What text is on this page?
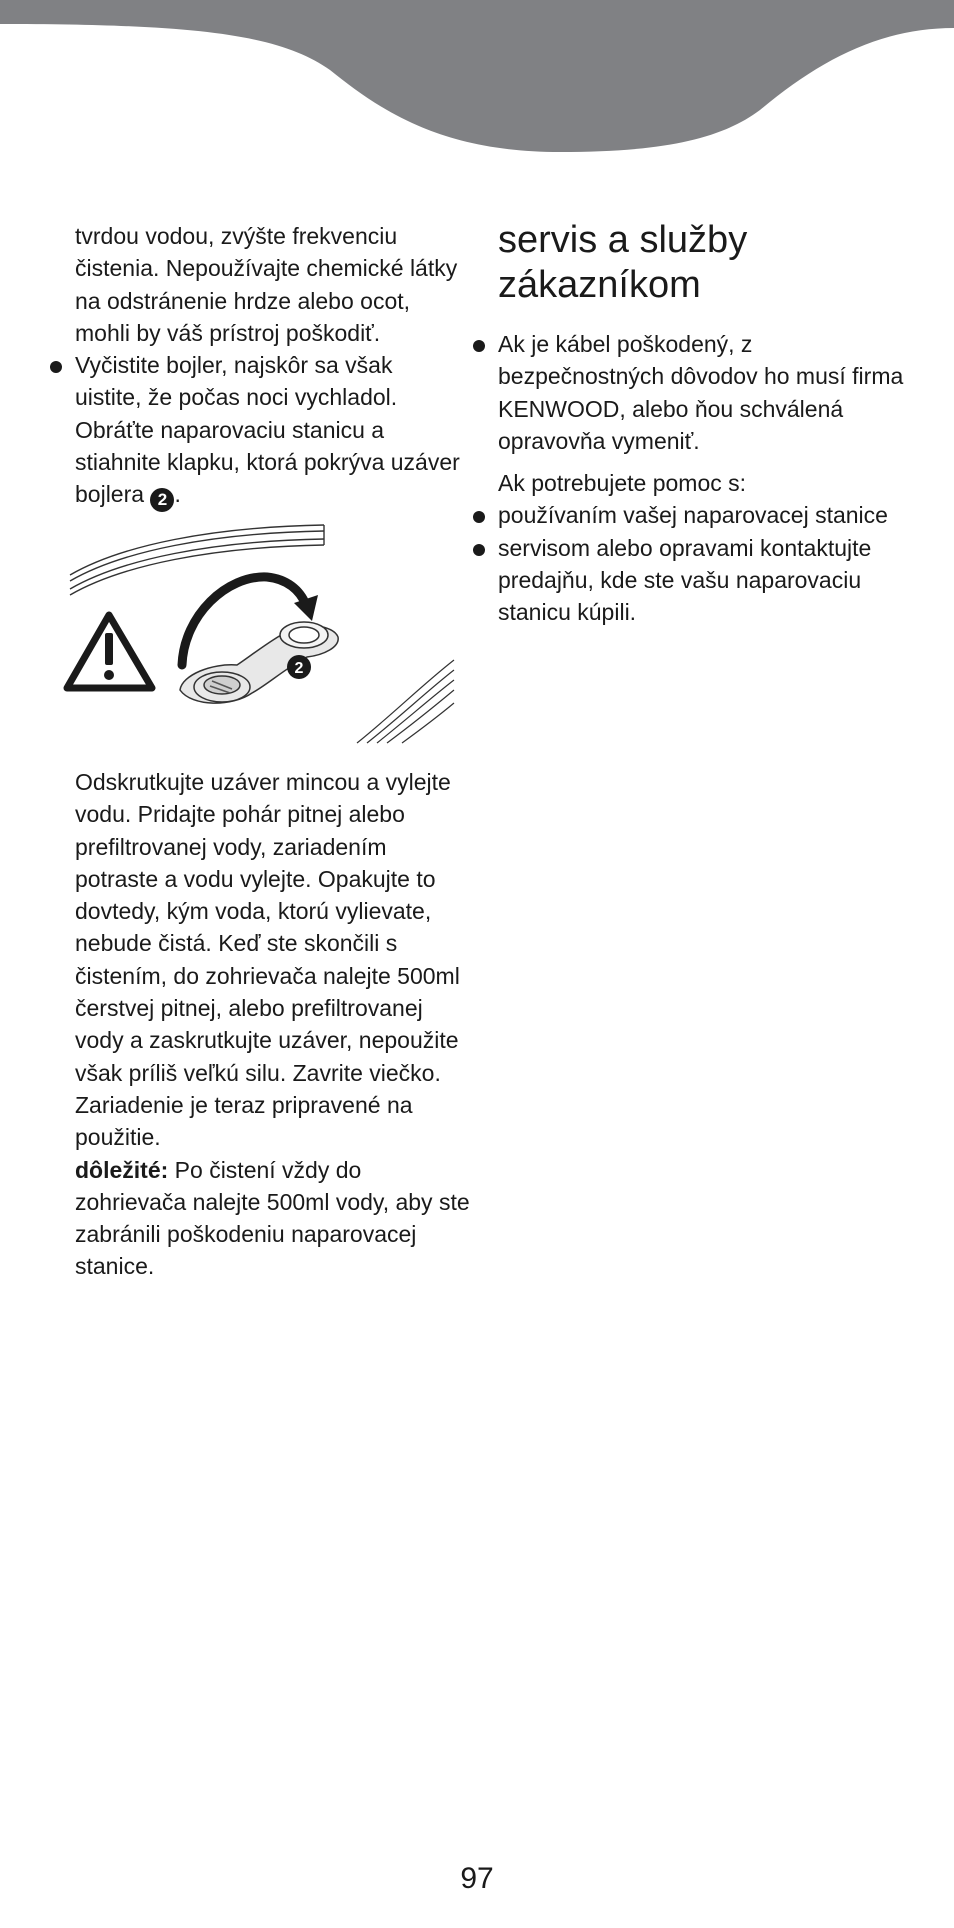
tvrdou vodou, zvýšte frekvenciu čistenia. Nepoužívajte chemické látky na odstránenie hrdze alebo ocot, mohli by váš prístroj poškodiť.

Vyčistite bojler, najskôr sa však uistite, že počas noci vychladol. Obráťte naparovaciu stanicu a stiahnite klapku, ktorá pokrýva uzáver bojlera 2 .

2

Odskrutkujte uzáver mincou a vylejte vodu. Pridajte pohár pitnej alebo prefiltrovanej vody, zariadením potraste a vodu vylejte. Opakujte to dovtedy, kým voda, ktorú vylievate, nebude čistá. Keď ste skončili s čistením, do zohrievača nalejte 500ml čerstvej pitnej, alebo prefiltrovanej vody a zaskrutkujte uzáver, nepoužite však príliš veľkú silu. Zavrite viečko. Zariadenie je teraz pripravené na použitie.

dôležité: Po čistení vždy do zohrievača nalejte 500ml vody, aby ste zabránili poškodeniu naparovacej stanice.

servis a služby zákazníkom

Ak je kábel poškodený, z bezpečnostných dôvodov ho musí firma KENWOOD, alebo ňou schválená opravovňa vymeniť.

Ak potrebujete pomoc s:

používaním vašej naparovacej stanice

servisom alebo opravami kontaktujte predajňu, kde ste vašu naparovaciu stanicu kúpili.

97
